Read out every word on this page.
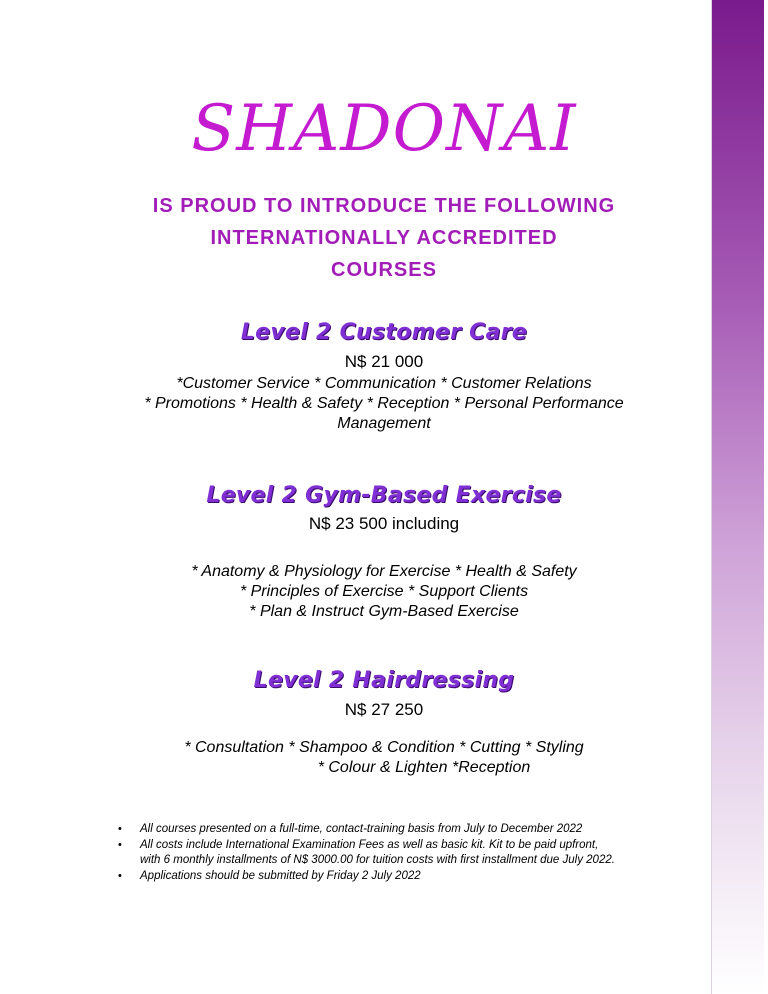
SHADONAI
IS PROUD TO INTRODUCE THE FOLLOWING
INTERNATIONALLY ACCREDITED
COURSES
Level 2 Customer Care
N$ 21 000
*Customer Service * Communication * Customer Relations
* Promotions * Health & Safety * Reception * Personal Performance
Management
Level 2 Gym-Based Exercise
N$ 23 500 including
* Anatomy & Physiology for Exercise * Health & Safety
* Principles of Exercise * Support Clients
* Plan & Instruct Gym-Based Exercise
Level 2 Hairdressing
N$ 27 250
* Consultation * Shampoo & Condition * Cutting * Styling
* Colour & Lighten *Reception
• All courses presented on a full-time, contact-training basis from July to December 2022
• All costs include International Examination Fees as well as basic kit. Kit to be paid upfront,
with 6 monthly installments of N$ 3000.00 for tuition costs with first installment due July 2022.
• Applications should be submitted by Friday 2 July 2022
